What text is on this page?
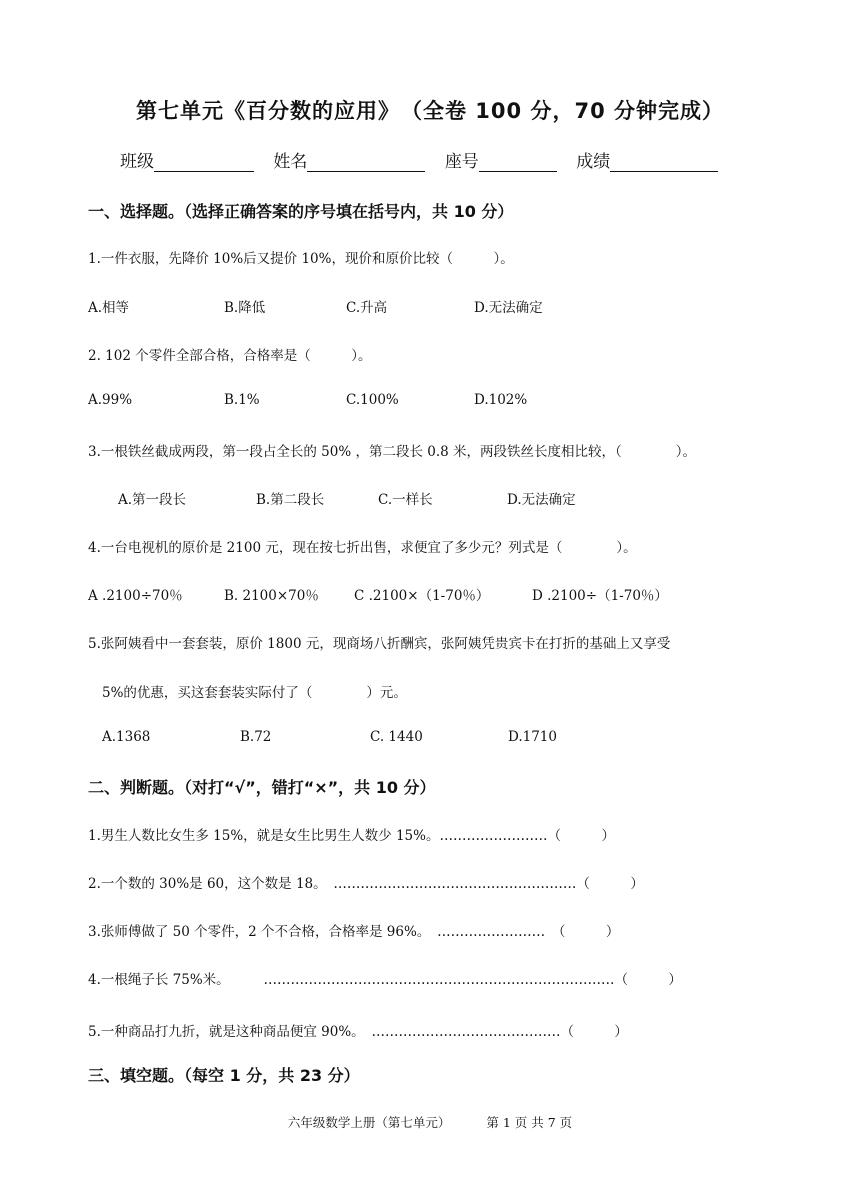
第七单元《百分数的应用》　（全卷 100 分，70 分钟完成）
班级	姓名	座号	成绩
一、选择题。（选择正确答案的序号填在括号内，共 10 分）
1.一件衣服，先降价 10%后又提价 10%，现价和原价比较（　　　）。
A.相等	B.降低	C.升高	D.无法确定
2. 102 个零件全部合格，合格率是（　　　）。
A.99%	B.1%	C.100%	D.102%
3.一根铁丝截成两段，第一段占全长的 50% ，第二段长 0.8 米，两段铁丝长度相比较，（　　　　）。
A.第一段长	B.第二段长	C.一样长	D.无法确定
4.一台电视机的原价是 2100 元，现在按七折出售，求便宜了多少元？列式是（　　　　）。
A .2100÷70％	B. 2100×70％	C .2100×（1-70％）	D .2100÷（1-70％）
5.张阿姨看中一套套装，原价 1800 元，现商场八折酬宾，张阿姨凭贵宾卡在打折的基础上又享受
5%的优惠，买这套套装实际付了（　　　　）元。
A.1368	B.72	C. 1440	D.1710
二、判断题。（对打“√”，错打“×”，共 10 分）
1.男生人数比女生多 15%，就是女生比男生人数少 15%。……………………（　　　）
2.一个数的 30%是 60，这个数是 18。　 ………………………………………………（　　　）
3.张师傅做了 50 个零件，2 个不合格，合格率是 96%。　 ……………………　（　　　）
4.一根绳子长 75%米。　　　	……………………………………………………………………（　　　）
5.一种商品打九折，就是这种商品便宜 90%。　 ……………………………………（　　　）
三、填空题。（每空 1 分，共 23 分）
六年级数学上册（第七单元）	第 1 页 共 7 页
